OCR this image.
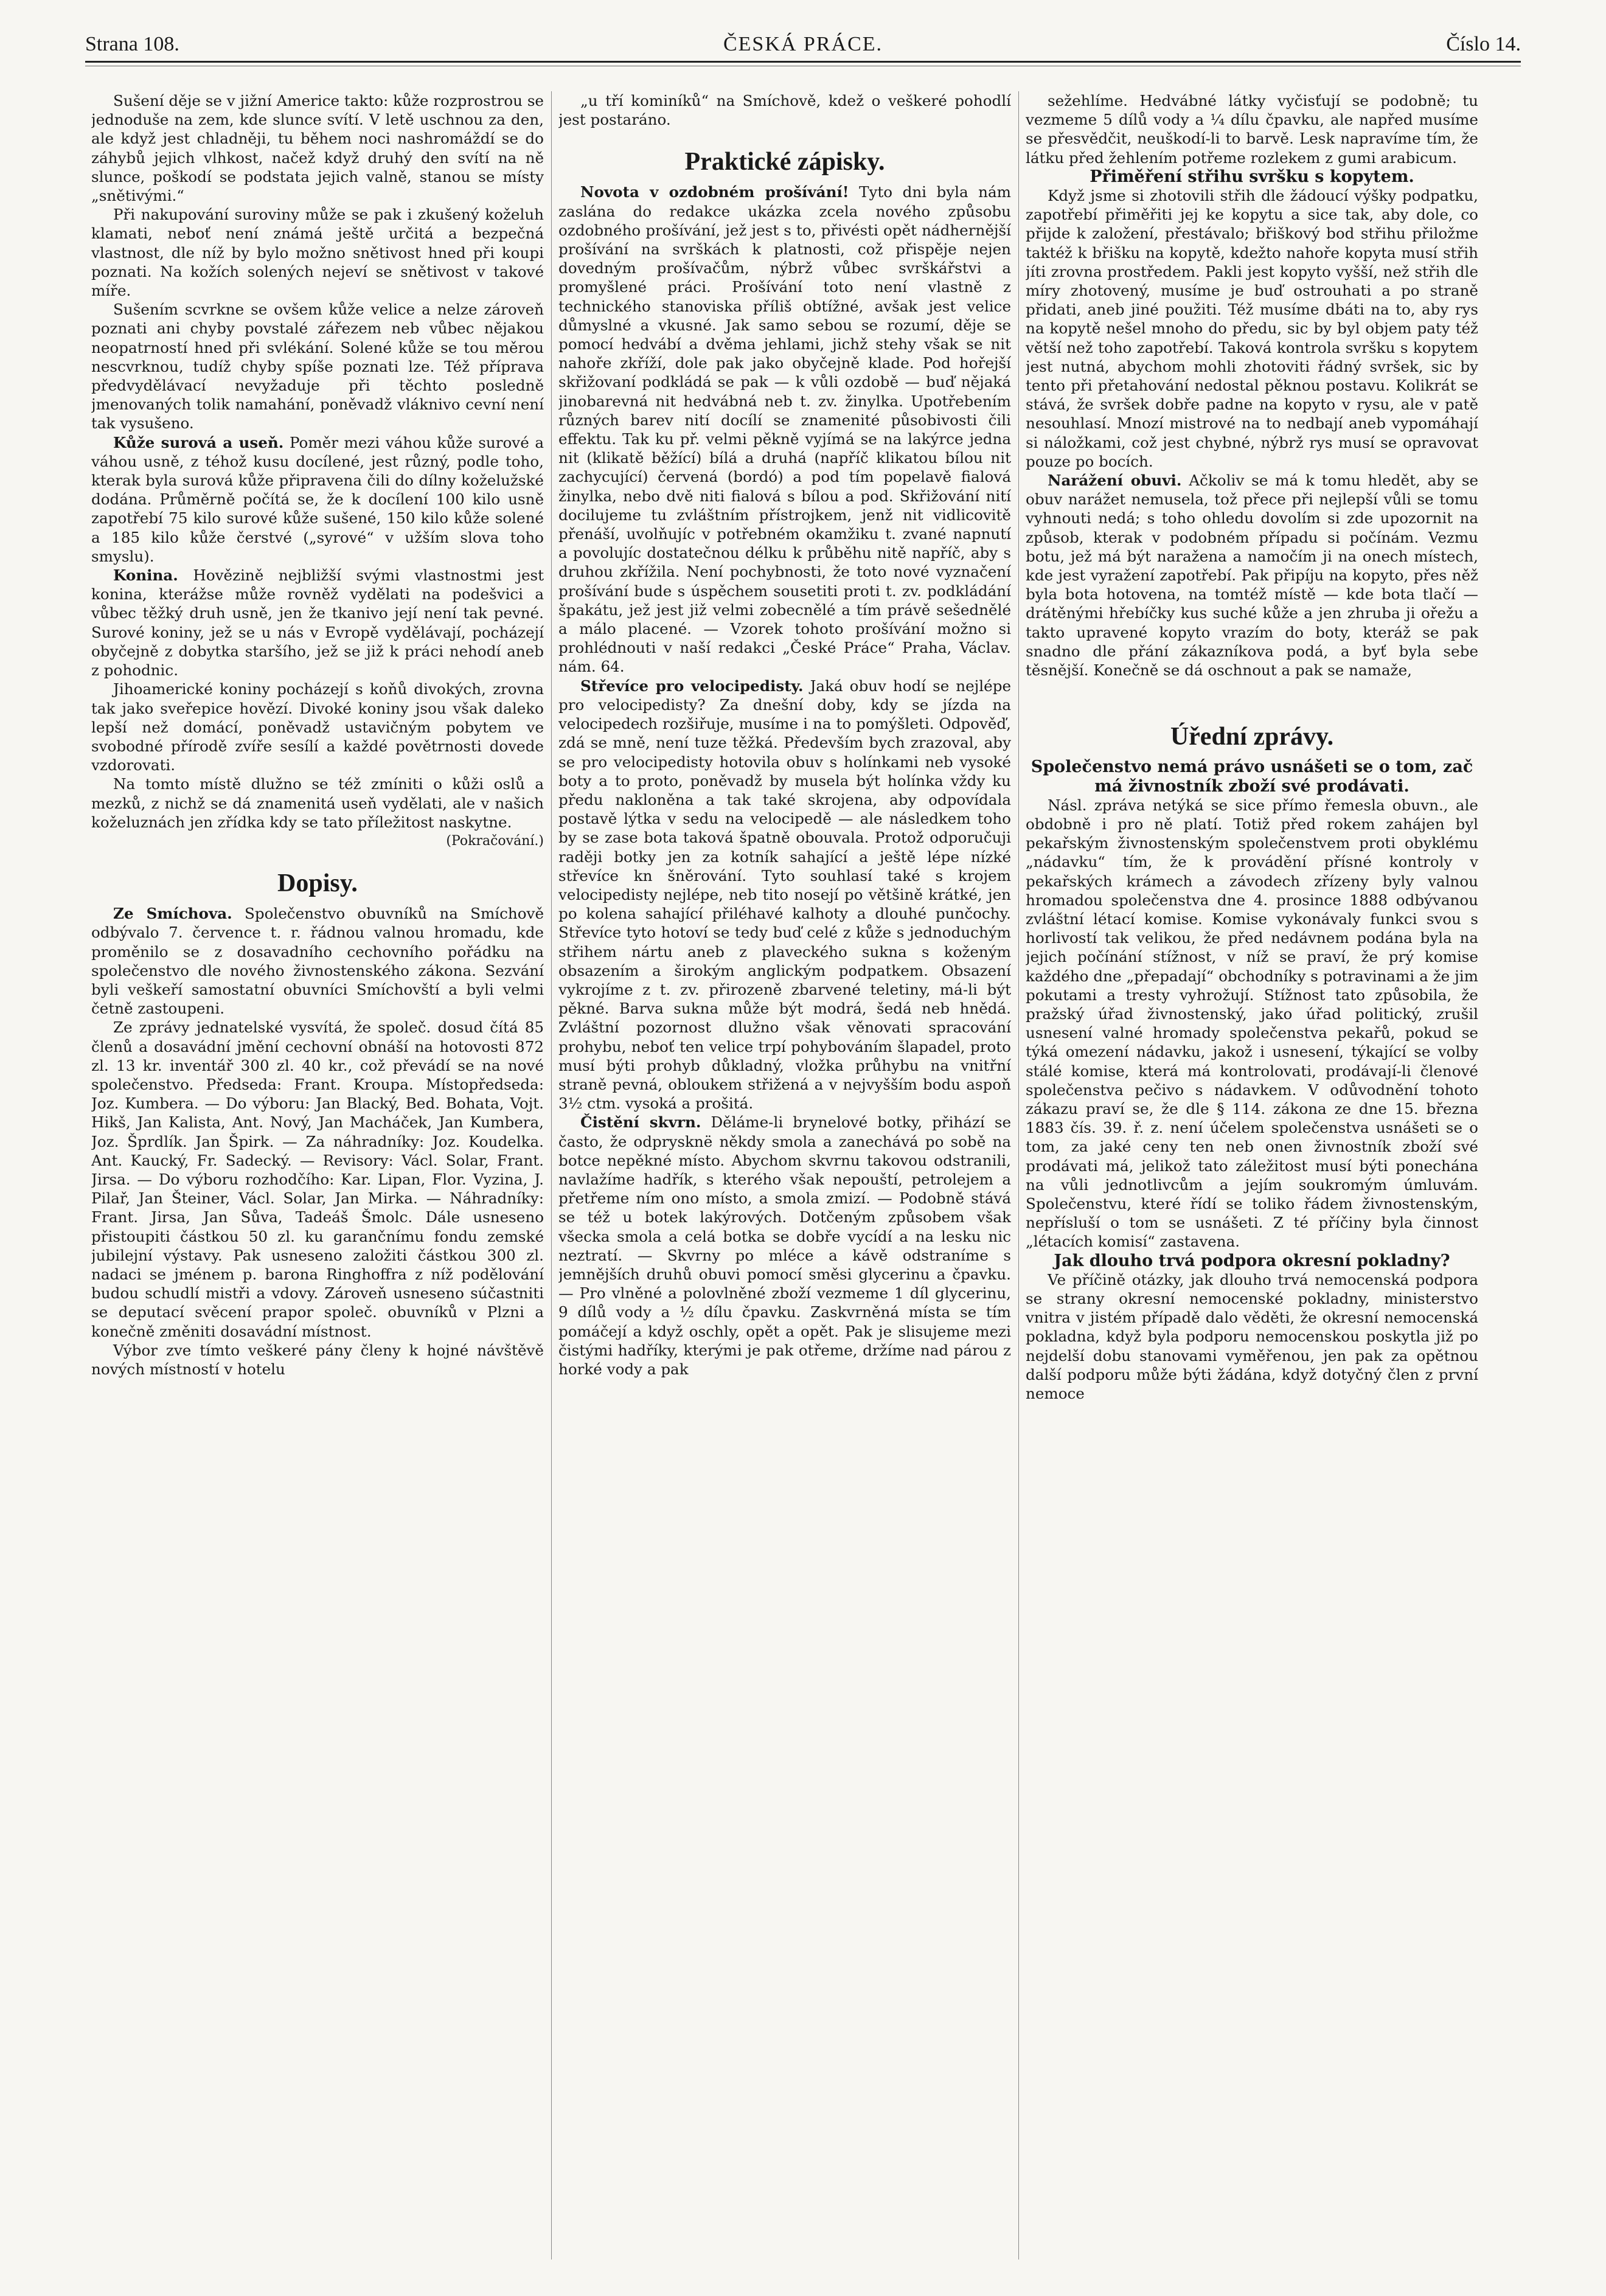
Strana 108.	ČESKÁ PRÁCE.	Číslo 14.

Sušení děje se v jižní Americe takto: kůže rozprostrou se jednoduše na zem, kde slunce svítí. V letě uschnou za den, ale když jest chladněji, tu během noci nashromáždí se do záhybů jejich vlhkost, načež když druhý den svítí na ně slunce, poškodí se podstata jejich valně, stanou se místy „snětivými.“

Při nakupování suroviny může se pak i zkušený koželuh klamati, neboť není známá ještě určitá a bezpečná vlastnost, dle níž by bylo možno snětivost hned při koupi poznati. Na kožích solených nejeví se snětivost v takové míře.

Sušením scvrkne se ovšem kůže velice a nelze zároveň poznati ani chyby povstalé zářezem neb vůbec nějakou neopatrností hned při svlékání. Solené kůže se tou měrou nescvrknou, tudíž chyby spíše poznati lze. Též příprava předvydělávací nevyžaduje při těchto posledně jmenovaných tolik namahání, poněvadž vláknivo cevní není tak vysušeno.

Kůže surová a useň. Poměr mezi váhou kůže surové a váhou usně, z téhož kusu docílené, jest různý, podle toho, kterak byla surová kůže připravena čili do dílny koželužské dodána. Průměrně počítá se, že k docílení 100 kilo usně zapotřebí 75 kilo surové kůže sušené, 150 kilo kůže solené a 185 kilo kůže čerstvé („syrové“ v užším slova toho smyslu).

Konina. Hovězině nejbližší svými vlastnostmi jest konina, kterážse může rovněž vydělati na podešvici a vůbec těžký druh usně, jen že tkanivo její není tak pevné. Surové koniny, jež se u nás v Evropě vydělávají, pocházejí obyčejně z dobytka staršího, jež se již k práci nehodí aneb z pohodnic.

Jihoamerické koniny pocházejí s koňů divokých, zrovna tak jako sveřepice hovězí. Divoké koniny jsou však daleko lepší než domácí, poněvadž ustavičným pobytem ve svobodné přírodě zvíře sesílí a každé povětrnosti dovede vzdorovati.

Na tomto místě dlužno se též zmíniti o kůži oslů a mezků, z nichž se dá znamenitá useň vydělati, ale v našich koželuznách jen zřídka kdy se tato příležitost naskytne.

(Pokračování.)

Dopisy.

Ze Smíchova. Společenstvo obuvníků na Smíchově odbývalo 7. července t. r. řádnou valnou hromadu, kde proměnilo se z dosavadního cechovního pořádku na společenstvo dle nového živnostenského zákona. Sezvání byli veškeří samostatní obuvníci Smíchovští a byli velmi četně zastoupeni.

Ze zprávy jednatelské vysvítá, že společ. dosud čítá 85 členů a dosavádní jmění cechovní obnáší na hotovosti 872 zl. 13 kr. inventář 300 zl. 40 kr., což převádí se na nové společenstvo. Předseda: Frant. Kroupa. Místopředseda: Joz. Kumbera. — Do výboru: Jan Blacký, Bed. Bohata, Vojt. Hikš, Jan Kalista, Ant. Nový, Jan Macháček, Jan Kumbera, Joz. Šprdlík. Jan Špirk. — Za náhradníky: Joz. Koudelka. Ant. Kaucký, Fr. Sadecký. — Revisory: Václ. Solar, Frant. Jirsa. — Do výboru rozhodčího: Kar. Lipan, Flor. Vyzina, J. Pilař, Jan Šteiner, Václ. Solar, Jan Mirka. — Náhradníky: Frant. Jirsa, Jan Sůva, Tadeáš Šmolc. Dále usneseno přistoupiti částkou 50 zl. ku garančnímu fondu zemské jubilejní výstavy. Pak usneseno založiti částkou 300 zl. nadaci se jménem p. barona Ringhoffra z níž podělování budou schudlí mistři a vdovy. Zároveň usneseno súčastniti se deputací svěcení prapor společ. obuvníků v Plzni a konečně změniti dosavádní místnost.

Výbor zve tímto veškeré pány členy k hojné návštěvě nových místností v hotelu

„u tří kominíků“ na Smíchově, kdež o veškeré pohodlí jest postaráno.

Praktické zápisky.

Novota v ozdobném prošívání! Tyto dni byla nám zaslána do redakce ukázka zcela nového způsobu ozdobného prošívání, jež jest s to, přivésti opět nádhernější prošívání na svrškách k platnosti, což přispěje nejen dovedným prošívačům, nýbrž vůbec svrškářstvi a promyšlené práci. Prošívání toto není vlastně z technického stanoviska příliš obtížné, avšak jest velice důmyslné a vkusné. Jak samo sebou se rozumí, děje se pomocí hedvábí a dvěma jehlami, jichž stehy však se nit nahoře zkříží, dole pak jako obyčejně klade. Pod hořejší skřižovaní podkládá se pak — k vůli ozdobě — buď nějaká jinobarevná nit hedvábná neb t. zv. žinylka. Upotřebením různých barev nití docílí se znamenité působivosti čili effektu. Tak ku př. velmi pěkně vyjímá se na lakýrce jedna nit (klikatě běžící) bílá a druhá (napříč klikatou bílou nit zachycující) červená (bordó) a pod tím popelavě fialová žinylka, nebo dvě niti fialová s bílou a pod. Skřižování nití docilujeme tu zvláštním přístrojkem, jenž nit vidlicovitě přenáší, uvolňujíc v potřebném okamžiku t. zvané napnutí a povolujíc dostatečnou délku k průběhu nitě napříč, aby s druhou zkřížila. Není pochybnosti, že toto nové vyznačení prošívání bude s úspěchem sousetiti proti t. zv. podkládání špakátu, jež jest již velmi zobecnělé a tím právě sešednělé a málo placené. — Vzorek tohoto prošívání možno si prohlédnouti v naší redakci „České Práce“ Praha, Václav. nám. 64.

Střevíce pro velocipedisty. Jaká obuv hodí se nejlépe pro velocipedisty? Za dnešní doby, kdy se jízda na velocipedech rozšiřuje, musíme i na to pomýšleti. Odpověď, zdá se mně, není tuze těžká. Především bych zrazoval, aby se pro velocipedisty hotovila obuv s holínkami neb vysoké boty a to proto, poněvadž by musela být holínka vždy ku předu nakloněna a tak také skrojena, aby odpovídala postavě lýtka v sedu na velocipedě — ale následkem toho by se zase bota taková špatně obouvala. Protož odporučuji raději botky jen za kotník sahající a ještě lépe nízké střevíce kn šněrování. Tyto souhlasí také s krojem velocipedisty nejlépe, neb tito nosejí po většině krátké, jen po kolena sahající přiléhavé kalhoty a dlouhé punčochy. Střevíce tyto hotoví se tedy buď celé z kůže s jednoduchým střihem nártu aneb z plaveckého sukna s koženým obsazením a širokým anglickým podpatkem. Obsazení vykrojíme z t. zv. přirozeně zbarvené teletiny, má-li být pěkné. Barva sukna může být modrá, šedá neb hnědá. Zvláštní pozornost dlužno však věnovati spracování prohybu, neboť ten velice trpí pohybováním šlapadel, proto musí býti prohyb důkladný, vložka průhybu na vnitřní straně pevná, obloukem střižená a v nejvyšším bodu aspoň 3½ ctm. vysoká a prošitá.

Čistění skvrn. Děláme-li brynelové botky, přihází se často, že odprysknë někdy smola a zanechává po sobě na botce nepěkné místo. Abychom skvrnu takovou odstranili, navlažíme hadřík, s kterého však nepouští, petrolejem a přetřeme ním ono místo, a smola zmizí. — Podobně stává se též u botek lakýrových. Dotčeným způsobem však všecka smola a celá botka se dobře vycídí a na lesku nic neztratí. — Skvrny po mléce a kávě odstraníme s jemnějších druhů obuvi pomocí směsi glycerinu a čpavku. — Pro vlněné a polovlněné zboží vezmeme 1 díl glycerinu, 9 dílů vody a ½ dílu čpavku. Zaskvrněná místa se tím pomáčejí a když oschly, opět a opět. Pak je slisujeme mezi čistými hadříky, kterými je pak otřeme, držíme nad párou z horké vody a pak

sežehlíme. Hedvábné látky vyčisťují se podobně; tu vezmeme 5 dílů vody a ¼ dílu čpavku, ale napřed musíme se přesvědčit, neuškodí-li to barvě. Lesk napravíme tím, že látku před žehlením potřeme rozlekem z gumi arabicum.

Přiměření střihu svršku s kopytem.

Když jsme si zhotovili střih dle žádoucí výšky podpatku, zapotřebí přiměřiti jej ke kopytu a sice tak, aby dole, co přijde k založení, přestávalo; břiškový bod střihu přiložme taktéž k břišku na kopytě, kdežto nahoře kopyta musí střih jíti zrovna prostředem. Pakli jest kopyto vyšší, než střih dle míry zhotovený, musíme je buď ostrouhati a po straně přidati, aneb jiné použiti. Též musíme dbáti na to, aby rys na kopytě nešel mnoho do předu, sic by byl objem paty též větší než toho zapotřebí. Taková kontrola svršku s kopytem jest nutná, abychom mohli zhotoviti řádný svršek, sic by tento při přetahování nedostal pěknou postavu. Kolikrát se stává, že svršek dobře padne na kopyto v rysu, ale v patě nesouhlasí. Mnozí mistrové na to nedbají aneb vypomáhají si náložkami, což jest chybné, nýbrž rys musí se opravovat pouze po bocích.

Narážení obuvi. Ačkoliv se má k tomu hledět, aby se obuv narážet nemusela, tož přece při nejlepší vůli se tomu vyhnouti nedá; s toho ohledu dovolím si zde upozornit na způsob, kterak v podobném případu si počínám. Vezmu botu, jež má být naražena a namočím ji na onech místech, kde jest vyražení zapotřebí. Pak připíju na kopyto, přes něž byla bota hotovena, na tomtéž místě — kde bota tlačí — drátěnými hřebíčky kus suché kůže a jen zhruba ji ořežu a takto upravené kopyto vrazím do boty, kteráž se pak snadno dle přání zákazníkova podá, a byť byla sebe těsnější. Konečně se dá oschnout a pak se namaže,

Úřední zprávy.

Společenstvo nemá právo usnášeti se o tom, zač má živnostník zboží své prodávati.

Násl. zpráva netýká se sice přímo řemesla obuvn., ale obdobně i pro ně platí. Totiž před rokem zahájen byl pekařským živnostenským společenstvem proti obyklému „nádavku“ tím, že k provádění přísné kontroly v pekařských krámech a závodech zřízeny byly valnou hromadou společenstva dne 4. prosince 1888 odbývanou zvláštní létací komise. Komise vykonávaly funkci svou s horlivostí tak velikou, že před nedávnem podána byla na jejich počínání stížnost, v níž se praví, že prý komise každého dne „přepadají“ obchodníky s potravinami a že jim pokutami a tresty vyhrožují. Stížnost tato způsobila, že pražský úřad živnostenský, jako úřad politický, zrušil usnesení valné hromady společenstva pekařů, pokud se týká omezení nádavku, jakož i usnesení, týkající se volby stálé komise, která má kontrolovati, prodávají-li členové společenstva pečivo s nádavkem. V odůvodnění tohoto zákazu praví se, že dle § 114. zákona ze dne 15. března 1883 čís. 39. ř. z. není účelem společenstva usnášeti se o tom, za jaké ceny ten neb onen živnostník zboží své prodávati má, jelikož tato záležitost musí býti ponechána na vůli jednotlivcům a jejím soukromým úmluvám. Společenstvu, které řídí se toliko řádem živnostenským, nepřísluší o tom se usnášeti. Z té příčiny byla činnost „létacích komisí“ zastavena.

Jak dlouho trvá podpora okresní pokladny?

Ve příčině otázky, jak dlouho trvá nemocenská podpora se strany okresní nemocenské pokladny, ministerstvo vnitra v jistém případě dalo věděti, že okresní nemocenská pokladna, když byla podporu nemocenskou poskytla již po nejdelší dobu stanovami vyměřenou, jen pak za opětnou další podporu může býti žádána, když dotyčný člen z první nemoce
